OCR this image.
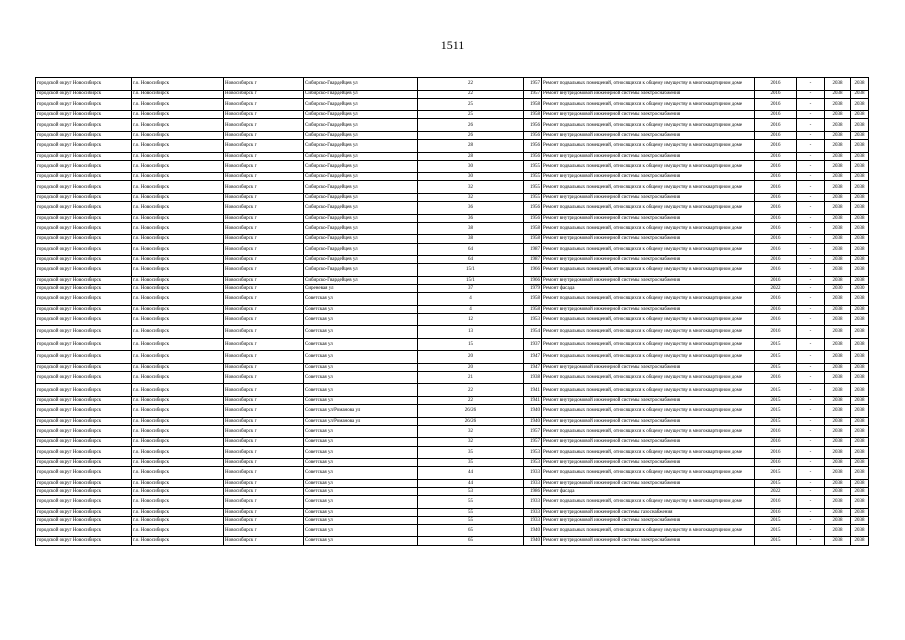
1511
городской округ Новосибирск	г.о. Новосибирск	Новосибирск г	Сибирско-Гвардейцев ул	22	1957	Ремонт подвальных помещений, относящихся к общему имуществу в многоквартирном доме	2016	-	2038	2038
городской округ Новосибирск	г.о. Новосибирск	Новосибирск г	Сибирско-Гвардейцев ул	22	1957	Ремонт внутридомовой инженерной системы электроснабжения	2016	-	2038	2038
городской округ Новосибирск	г.о. Новосибирск	Новосибирск г	Сибирско-Гвардейцев ул	25	1958	Ремонт подвальных помещений, относящихся к общему имуществу в многоквартирном доме	2016	-	2038	2038
городской округ Новосибирск	г.о. Новосибирск	Новосибирск г	Сибирско-Гвардейцев ул	25	1958	Ремонт внутридомовой инженерной системы электроснабжения	2016	-	2038	2038
городской округ Новосибирск	г.о. Новосибирск	Новосибирск г	Сибирско-Гвардейцев ул	26	1956	Ремонт подвальных помещений, относящихся к общему имуществу в многоквартирном доме	2016	-	2038	2038
городской округ Новосибирск	г.о. Новосибирск	Новосибирск г	Сибирско-Гвардейцев ул	26	1956	Ремонт внутридомовой инженерной системы электроснабжения	2016	-	2038	2038
городской округ Новосибирск	г.о. Новосибирск	Новосибирск г	Сибирско-Гвардейцев ул	28	1956	Ремонт подвальных помещений, относящихся к общему имуществу в многоквартирном доме	2016	-	2038	2038
городской округ Новосибирск	г.о. Новосибирск	Новосибирск г	Сибирско-Гвардейцев ул	28	1956	Ремонт внутридомовой инженерной системы электроснабжения	2016	-	2038	2038
городской округ Новосибирск	г.о. Новосибирск	Новосибирск г	Сибирско-Гвардейцев ул	30	1955	Ремонт подвальных помещений, относящихся к общему имуществу в многоквартирном доме	2016	-	2038	2038
городской округ Новосибирск	г.о. Новосибирск	Новосибирск г	Сибирско-Гвардейцев ул	30	1955	Ремонт внутридомовой инженерной системы электроснабжения	2016	-	2038	2038
городской округ Новосибирск	г.о. Новосибирск	Новосибирск г	Сибирско-Гвардейцев ул	32	1955	Ремонт подвальных помещений, относящихся к общему имуществу в многоквартирном доме	2016	-	2038	2038
городской округ Новосибирск	г.о. Новосибирск	Новосибирск г	Сибирско-Гвардейцев ул	32	1955	Ремонт внутридомовой инженерной системы электроснабжения	2016	-	2038	2038
городской округ Новосибирск	г.о. Новосибирск	Новосибирск г	Сибирско-Гвардейцев ул	36	1956	Ремонт подвальных помещений, относящихся к общему имуществу в многоквартирном доме	2016	-	2038	2038
городской округ Новосибирск	г.о. Новосибирск	Новосибирск г	Сибирско-Гвардейцев ул	36	1956	Ремонт внутридомовой инженерной системы электроснабжения	2016	-	2038	2038
городской округ Новосибирск	г.о. Новосибирск	Новосибирск г	Сибирско-Гвардейцев ул	38	1958	Ремонт подвальных помещений, относящихся к общему имуществу в многоквартирном доме	2016	-	2038	2038
городской округ Новосибирск	г.о. Новосибирск	Новосибирск г	Сибирско-Гвардейцев ул	38	1958	Ремонт внутридомовой инженерной системы электроснабжения	2016	-	2038	2038
городской округ Новосибирск	г.о. Новосибирск	Новосибирск г	Сибирско-Гвардейцев ул	64	1987	Ремонт подвальных помещений, относящихся к общему имуществу в многоквартирном доме	2016	-	2038	2038
городской округ Новосибирск	г.о. Новосибирск	Новосибирск г	Сибирско-Гвардейцев ул	64	1987	Ремонт внутридомовой инженерной системы электроснабжения	2016	-	2038	2038
городской округ Новосибирск	г.о. Новосибирск	Новосибирск г	Сибирско-Гвардейцев ул	15/1	1966	Ремонт подвальных помещений, относящихся к общему имуществу в многоквартирном доме	2016	-	2038	2038
городской округ Новосибирск	г.о. Новосибирск	Новосибирск г	Сибирско-Гвардейцев ул	15/1	1966	Ремонт внутридомовой инженерной системы электроснабжения	2016	-	2038	2038
городской округ Новосибирск	г.о. Новосибирск	Новосибирск г	Сиреневая ул	37	1979	Ремонт фасада	2022	-	2030	2030
городской округ Новосибирск	г.о. Новосибирск	Новосибирск г	Советская ул	4	1958	Ремонт подвальных помещений, относящихся к общему имуществу в многоквартирном доме	2016	-	2038	2038
городской округ Новосибирск	г.о. Новосибирск	Новосибирск г	Советская ул	4	1958	Ремонт внутридомовой инженерной системы электроснабжения	2016	-	2038	2038
городской округ Новосибирск	г.о. Новосибирск	Новосибирск г	Советская ул	12	1953	Ремонт подвальных помещений, относящихся к общему имуществу в многоквартирном доме	2016	-	2038	2038
городской округ Новосибирск	г.о. Новосибирск	Новосибирск г	Советская ул	13	1954	Ремонт подвальных помещений, относящихся к общему имуществу в многоквартирном доме	2016	-	2038	2038
городской округ Новосибирск	г.о. Новосибирск	Новосибирск г	Советская ул	15	1937	Ремонт подвальных помещений, относящихся к общему имуществу в многоквартирном доме	2015	-	2038	2038
городской округ Новосибирск	г.о. Новосибирск	Новосибирск г	Советская ул	20	1947	Ремонт подвальных помещений, относящихся к общему имуществу в многоквартирном доме	2015	-	2038	2038
городской округ Новосибирск	г.о. Новосибирск	Новосибирск г	Советская ул	20	1947	Ремонт внутридомовой инженерной системы электроснабжения	2015	-	2038	2038
городской округ Новосибирск	г.о. Новосибирск	Новосибирск г	Советская ул	21	1938	Ремонт подвальных помещений, относящихся к общему имуществу в многоквартирном доме	2016	-	2038	2038
городской округ Новосибирск	г.о. Новосибирск	Новосибирск г	Советская ул	22	1941	Ремонт подвальных помещений, относящихся к общему имуществу в многоквартирном доме	2015	-	2038	2038
городской округ Новосибирск	г.о. Новосибирск	Новосибирск г	Советская ул	22	1941	Ремонт внутридомовой инженерной системы электроснабжения	2015	-	2038	2038
городской округ Новосибирск	г.о. Новосибирск	Новосибирск г	Советская ул/Романова ул	26/26	1940	Ремонт подвальных помещений, относящихся к общему имуществу в многоквартирном доме	2015	-	2038	2038
городской округ Новосибирск	г.о. Новосибирск	Новосибирск г	Советская ул/Романова ул	26/26	1940	Ремонт внутридомовой инженерной системы электроснабжения	2015	-	2038	2038
городской округ Новосибирск	г.о. Новосибирск	Новосибирск г	Советская ул	32	1957	Ремонт подвальных помещений, относящихся к общему имуществу в многоквартирном доме	2016	-	2038	2038
городской округ Новосибирск	г.о. Новосибирск	Новосибирск г	Советская ул	32	1957	Ремонт внутридомовой инженерной системы электроснабжения	2016	-	2038	2038
городской округ Новосибирск	г.о. Новосибирск	Новосибирск г	Советская ул	35	1953	Ремонт подвальных помещений, относящихся к общему имуществу в многоквартирном доме	2016	-	2038	2038
городской округ Новосибирск	г.о. Новосибирск	Новосибирск г	Советская ул	35	1953	Ремонт внутридомовой инженерной системы электроснабжения	2016	-	2038	2038
городской округ Новосибирск	г.о. Новосибирск	Новосибирск г	Советская ул	44	1933	Ремонт подвальных помещений, относящихся к общему имуществу в многоквартирном доме	2015	-	2038	2038
городской округ Новосибирск	г.о. Новосибирск	Новосибирск г	Советская ул	44	1933	Ремонт внутридомовой инженерной системы электроснабжения	2015	-	2038	2038
городской округ Новосибирск	г.о. Новосибирск	Новосибирск г	Советская ул	53	1986	Ремонт фасада	2022	-	2038	2038
городской округ Новосибирск	г.о. Новосибирск	Новосибирск г	Советская ул	55	1933	Ремонт подвальных помещений, относящихся к общему имуществу в многоквартирном доме	2016	-	2038	2038
городской округ Новосибирск	г.о. Новосибирск	Новосибирск г	Советская ул	55	1933	Ремонт внутридомовой инженерной системы газоснабжения	2016	-	2038	2038
городской округ Новосибирск	г.о. Новосибирск	Новосибирск г	Советская ул	55	1933	Ремонт внутридомовой инженерной системы электроснабжения	2015	-	2038	2038
городской округ Новосибирск	г.о. Новосибирск	Новосибирск г	Советская ул	65	1940	Ремонт подвальных помещений, относящихся к общему имуществу в многоквартирном доме	2015	-	2038	2038
городской округ Новосибирск	г.о. Новосибирск	Новосибирск г	Советская ул	65	1940	Ремонт внутридомовой инженерной системы электроснабжения	2015	-	2038	2038
